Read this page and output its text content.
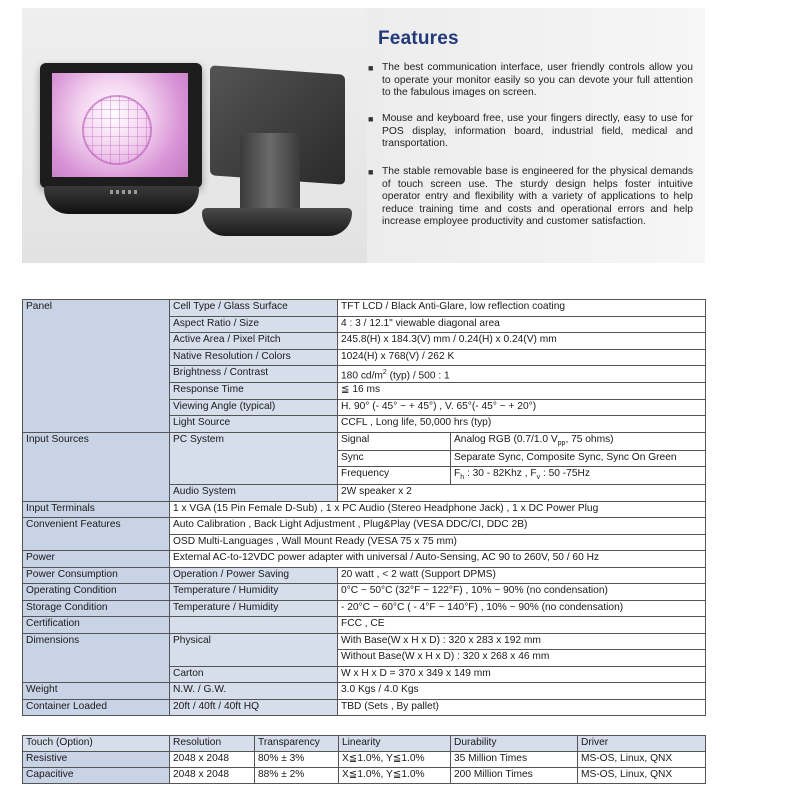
Features
■ The best communication interface, user friendly controls allow you to operate your monitor easily so you can devote your full attention to the fabulous images on screen.
■ Mouse and keyboard free, use your fingers directly, easy to use for POS display, information board, industrial field, medical and transportation.
■ The stable removable base is engineered for the physical demands of touch screen use. The sturdy design helps foster intuitive operator entry and flexibility with a variety of applications to help reduce training time and costs and operational errors and help increase employee productivity and customer satisfaction.
Panel	Cell Type / Glass Surface	TFT LCD / Black Anti-Glare, low reflection coating	
	Aspect Ratio / Size	4 : 3 / 12.1" viewable diagonal area	
	Active Area / Pixel Pitch	245.8(H) x 184.3(V) mm / 0.24(H) x 0.24(V) mm	
	Native Resolution / Colors	1024(H) x 768(V) / 262 K	
	Brightness / Contrast	180 $cd/m^2$ (typ) / 500 : 1	
	Response Time	≦ 16 ms	
	Viewing Angle (typical)	H. 90° (- 45° ~ + 45°) , V. 65°(- 45° ~ + 20°)	
	Light Source	CCFL , Long life, 50,000 hrs (typ)	
Input Sources	PC System	Signal	Analog RGB (0.7/1.0 $V_{pp}$, 75 ohms)
		Sync	Separate Sync, Composite Sync, Sync On Green
		Frequency	$F_h$ : 30 - 82Khz , $F_v$ : 50 -75Hz
	Audio System	2W speaker x 2	
Input Terminals	1 x VGA (15 Pin Female D-Sub) , 1 x PC Audio (Stereo Headphone Jack) , 1 x DC Power Plug		
Convenient Features	Auto Calibration , Back Light Adjustment , Plug&Play (VESA DDC/CI, DDC 2B)		
	OSD Multi-Languages , Wall Mount Ready (VESA 75 x 75 mm)		
Power	External AC-to-12VDC power adapter with universal / Auto-Sensing, AC 90 to 260V, 50 / 60 Hz		
Power Consumption	Operation / Power Saving	20 watt , < 2 watt (Support DPMS)	
Operating Condition	Temperature / Humidity	0°C ~ 50°C (32°F ~ 122°F) , 10% ~ 90% (no condensation)	
Storage Condition	Temperature / Humidity	- 20°C ~ 60°C ( - 4°F ~ 140°F) , 10% ~ 90% (no condensation)	
Certification		FCC , CE	
Dimensions	Physical	With Base(W x H x D) : 320 x 283 x 192 mm	
		Without Base(W x H x D) : 320 x 268 x 46 mm	
	Carton	W x H x D = 370 x 349 x 149 mm	
Weight	N.W. / G.W.	3.0 Kgs / 4.0 Kgs	
Container Loaded	20ft / 40ft / 40ft HQ	TBD (Sets , By pallet)	
Touch (Option)	Resolution	Transparency	Linearity	Durability	Driver
Resistive	2048 x 2048	80% ± 3%	X≦1.0%, Y≦1.0%	35 Million Times	MS-OS, Linux, QNX
Capacitive	2048 x 2048	88% ± 2%	X≦1.0%, Y≦1.0%	200 Million Times	MS-OS, Linux, QNX
